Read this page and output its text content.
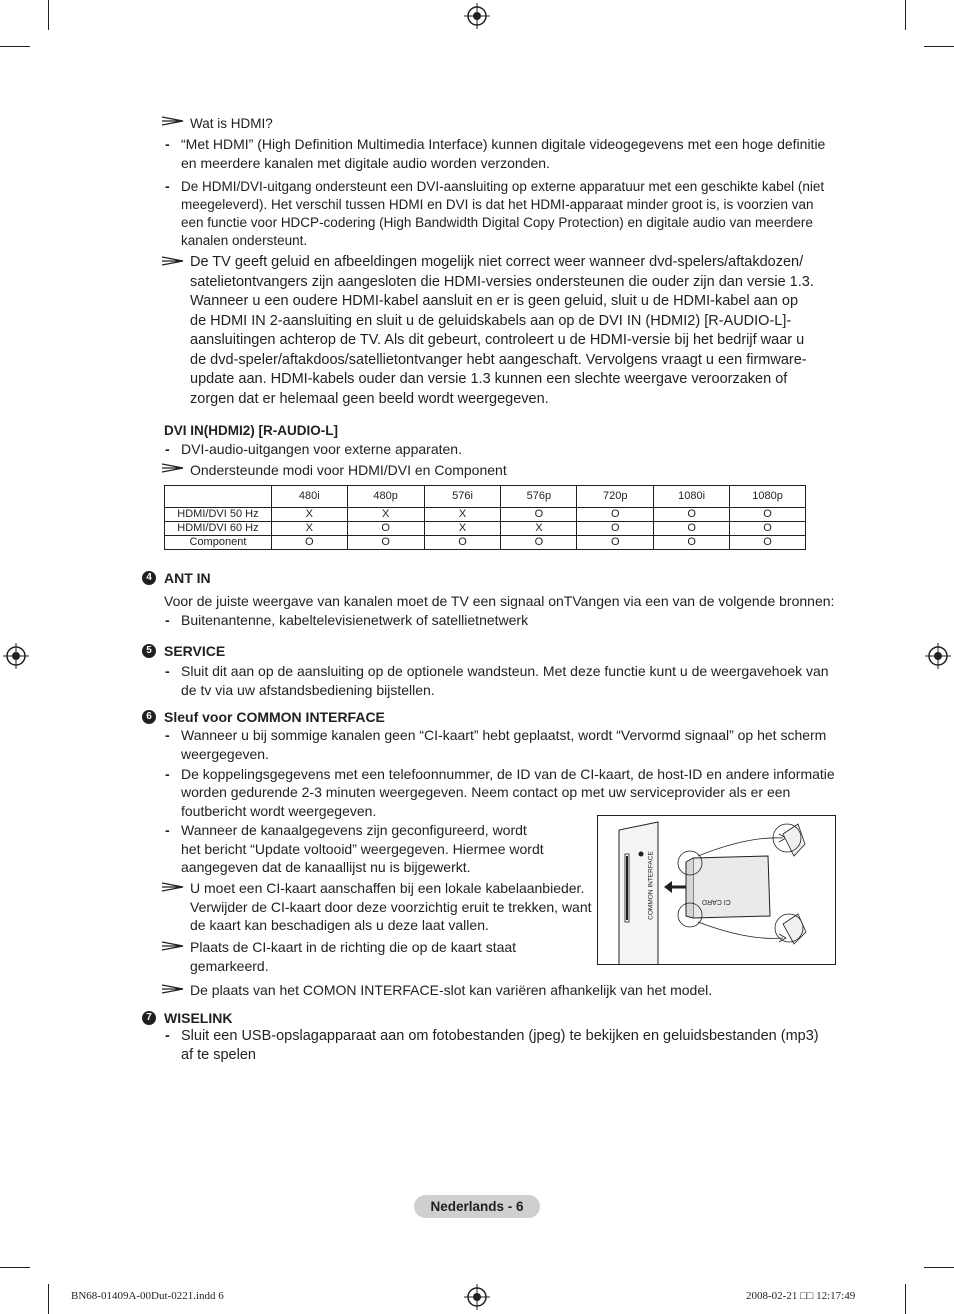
Wat is HDMI?
- “Met HDMI” (High Definition Multimedia Interface) kunnen digitale videogegevens met een hoge definitie
en meerdere kanalen met digitale audio worden verzonden.
- De HDMI/DVI-uitgang ondersteunt een DVI-aansluiting op externe apparatuur met een geschikte kabel (niet
meegeleverd). Het verschil tussen HDMI en DVI is dat het HDMI-apparaat minder groot is, is voorzien van
een functie voor HDCP-codering (High Bandwidth Digital Copy Protection) en digitale audio van meerdere
kanalen ondersteunt.
De TV geeft geluid en afbeeldingen mogelijk niet correct weer wanneer dvd-spelers/aftakdozen/
satelietontvangers zijn aangesloten die HDMI-versies ondersteunen die ouder zijn dan versie 1.3.
Wanneer u een oudere HDMI-kabel aansluit en er is geen geluid, sluit u de HDMI-kabel aan op
de HDMI IN 2-aansluiting en sluit u de geluidskabels aan op de DVI IN (HDMI2) [R-AUDIO-L]-
aansluitingen achterop de TV. Als dit gebeurt, controleert u de HDMI-versie bij het bedrijf waar u
de dvd-speler/aftakdoos/satellietontvanger hebt aangeschaft. Vervolgens vraagt u een firmware-
update aan. HDMI-kabels ouder dan versie 1.3 kunnen een slechte weergave veroorzaken of
zorgen dat er helemaal geen beeld wordt weergegeven.
DVI IN(HDMI2) [R-AUDIO-L]
- DVI-audio-uitgangen voor externe apparaten.
Ondersteunde modi voor HDMI/DVI en Component
	480i	480p	576i	576p	720p	1080i	1080p
HDMI/DVI 50 Hz	X	X	X	O	O	O	O
HDMI/DVI 60 Hz	X	O	X	X	O	O	O
Component	O	O	O	O	O	O	O
4 ANT IN
Voor de juiste weergave van kanalen moet de TV een signaal onTVangen via een van de volgende bronnen:
- Buitenantenne, kabeltelevisienetwerk of satellietnetwerk
5 SERVICE
- Sluit dit aan op de aansluiting op de optionele wandsteun. Met deze functie kunt u de weergavehoek van
de tv via uw afstandsbediening bijstellen.
6 Sleuf voor COMMON INTERFACE
- Wanneer u bij sommige kanalen geen “CI-kaart” hebt geplaatst, wordt “Vervormd signaal” op het scherm
weergegeven.
- De koppelingsgegevens met een telefoonnummer, de ID van de CI-kaart, de host-ID en andere informatie
worden gedurende 2-3 minuten weergegeven. Neem contact op met uw serviceprovider als er een
foutbericht wordt weergegeven.
- Wanneer de kanaalgegevens zijn geconfigureerd, wordt
het bericht “Update voltooid” weergegeven. Hiermee wordt
aangegeven dat de kanaallijst nu is bijgewerkt.
U moet een CI-kaart aanschaffen bij een lokale kabelaanbieder.
Verwijder de CI-kaart door deze voorzichtig eruit te trekken, want
de kaart kan beschadigen als u deze laat vallen.
Plaats de CI-kaart in de richting die op de kaart staat
gemarkeerd.
De plaats van het COMON INTERFACE-slot kan variëren afhankelijk van het model.
COMMON INTERFACE	CI CARD
7 WISELINK
- Sluit een USB-opslagapparaat aan om fotobestanden (jpeg) te bekijken en geluidsbestanden (mp3)
af te spelen
Nederlands - 6
BN68-01409A-00Dut-0221.indd 6	2008-02-21 □□ 12:17:49
